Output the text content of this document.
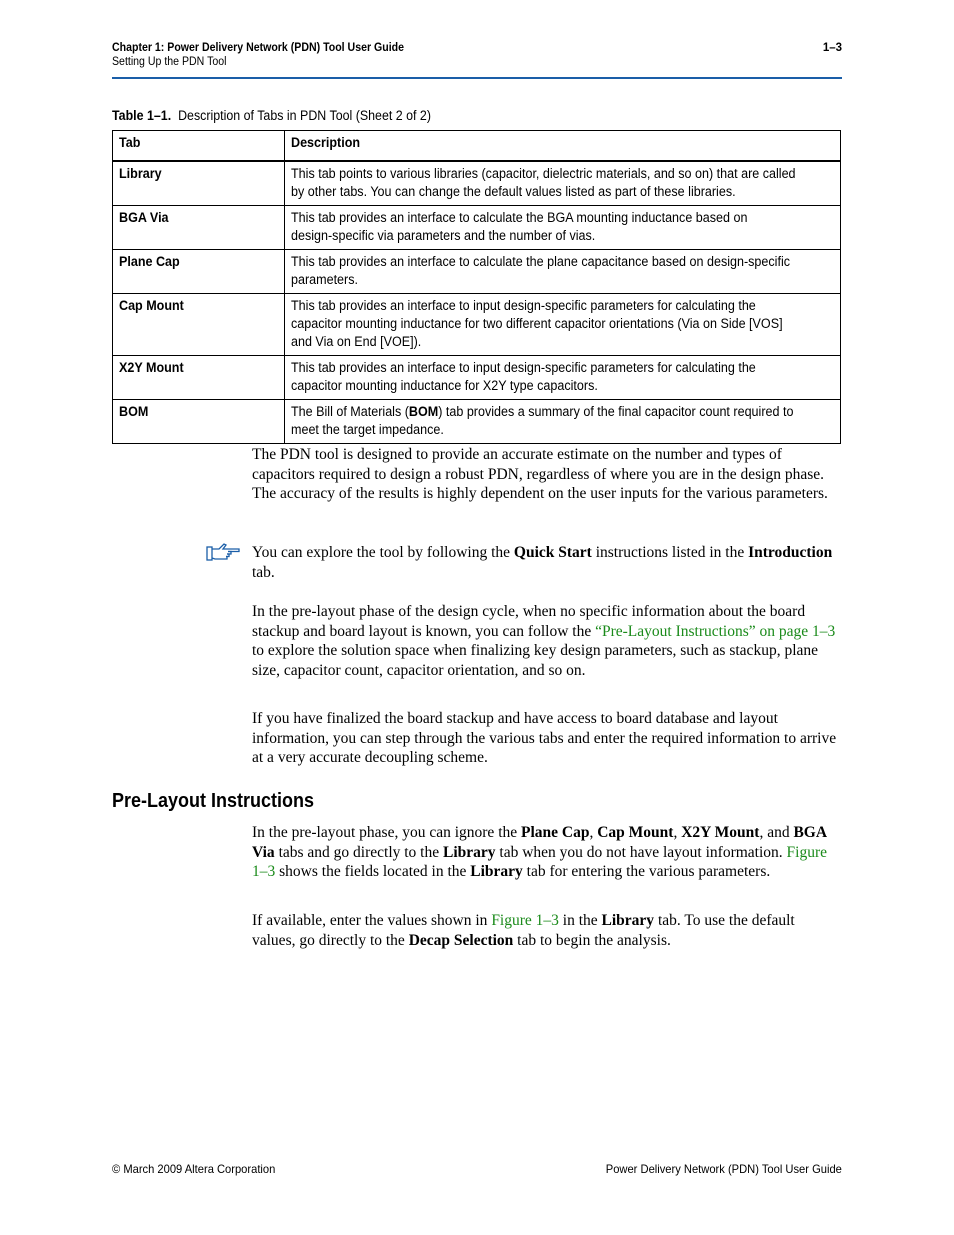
Chapter 1: Power Delivery Network (PDN) Tool User Guide	1–3
Setting Up the PDN Tool
Table 1–1. Description of Tabs in PDN Tool (Sheet 2 of 2)
Tab	Description
Library	This tab points to various libraries (capacitor, dielectric materials, and so on) that are called
by other tabs. You can change the default values listed as part of these libraries.
BGA Via	This tab provides an interface to calculate the BGA mounting inductance based on
design-specific via parameters and the number of vias.
Plane Cap	This tab provides an interface to calculate the plane capacitance based on design-specific
parameters.
Cap Mount	This tab provides an interface to input design-specific parameters for calculating the
capacitor mounting inductance for two different capacitor orientations (Via on Side [VOS]
and Via on End [VOE]).
X2Y Mount	This tab provides an interface to input design-specific parameters for calculating the
capacitor mounting inductance for X2Y type capacitors.
BOM	The Bill of Materials (BOM) tab provides a summary of the final capacitor count required to
meet the target impedance.

The PDN tool is designed to provide an accurate estimate on the number and types of capacitors required to design a robust PDN, regardless of where you are in the design phase. The accuracy of the results is highly dependent on the user inputs for the various parameters.

You can explore the tool by following the Quick Start instructions listed in the Introduction tab.

In the pre-layout phase of the design cycle, when no specific information about the board stackup and board layout is known, you can follow the “Pre-Layout Instructions” on page 1–3 to explore the solution space when finalizing key design parameters, such as stackup, plane size, capacitor count, capacitor orientation, and so on.

If you have finalized the board stackup and have access to board database and layout information, you can step through the various tabs and enter the required information to arrive at a very accurate decoupling scheme.

Pre-Layout Instructions

In the pre-layout phase, you can ignore the Plane Cap, Cap Mount, X2Y Mount, and BGA Via tabs and go directly to the Library tab when you do not have layout information. Figure 1–3 shows the fields located in the Library tab for entering the various parameters.

If available, enter the values shown in Figure 1–3 in the Library tab. To use the default values, go directly to the Decap Selection tab to begin the analysis.

© March 2009 Altera Corporation	Power Delivery Network (PDN) Tool User Guide
